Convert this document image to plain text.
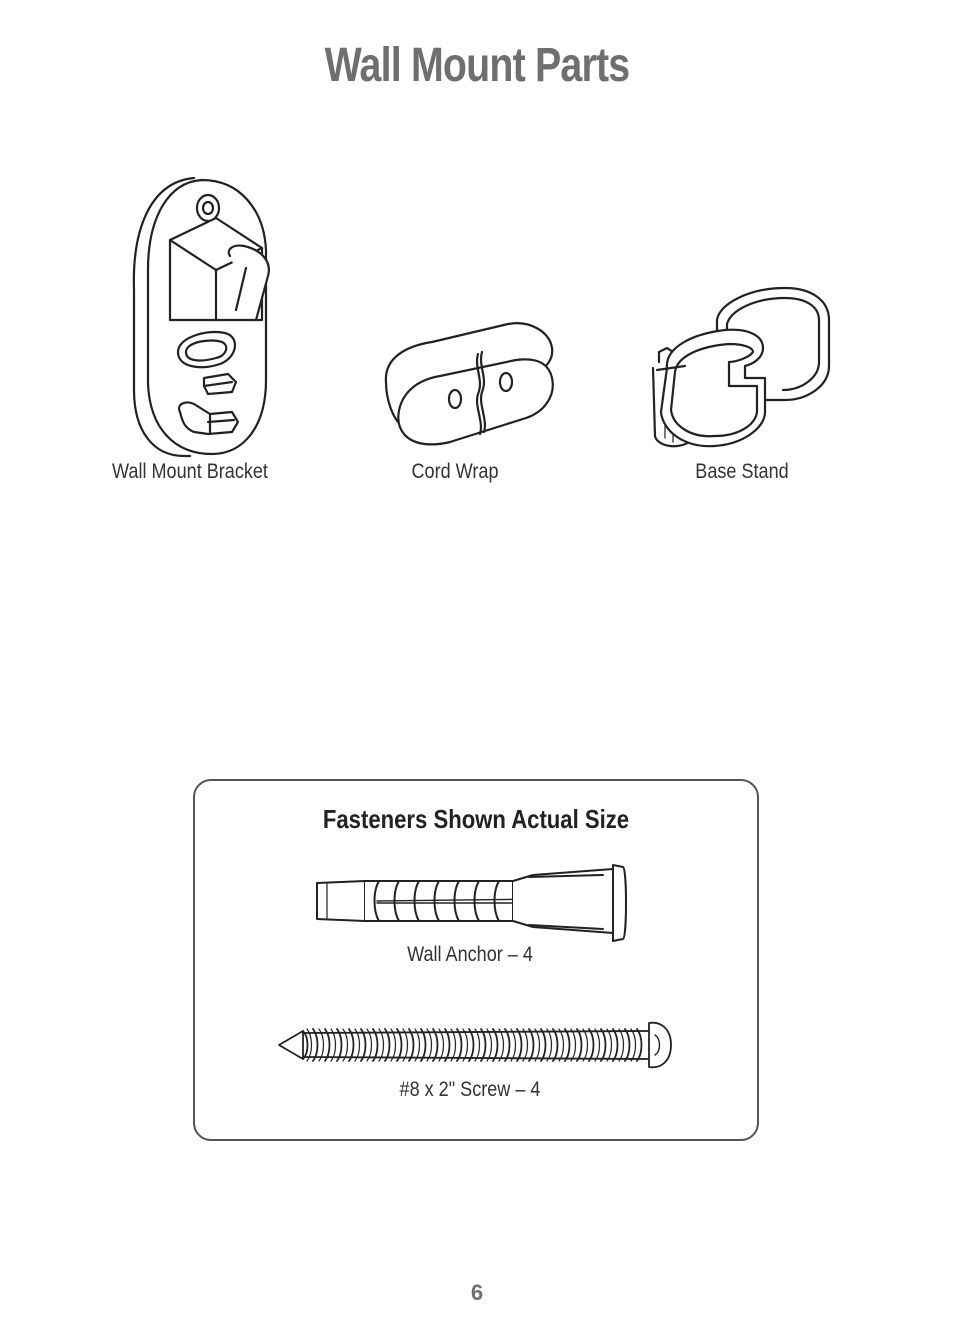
Wall Mount Parts
Wall Mount Bracket	Cord Wrap	Base Stand
Fasteners Shown Actual Size
Wall Anchor – 4
#8 x 2" Screw – 4
6
